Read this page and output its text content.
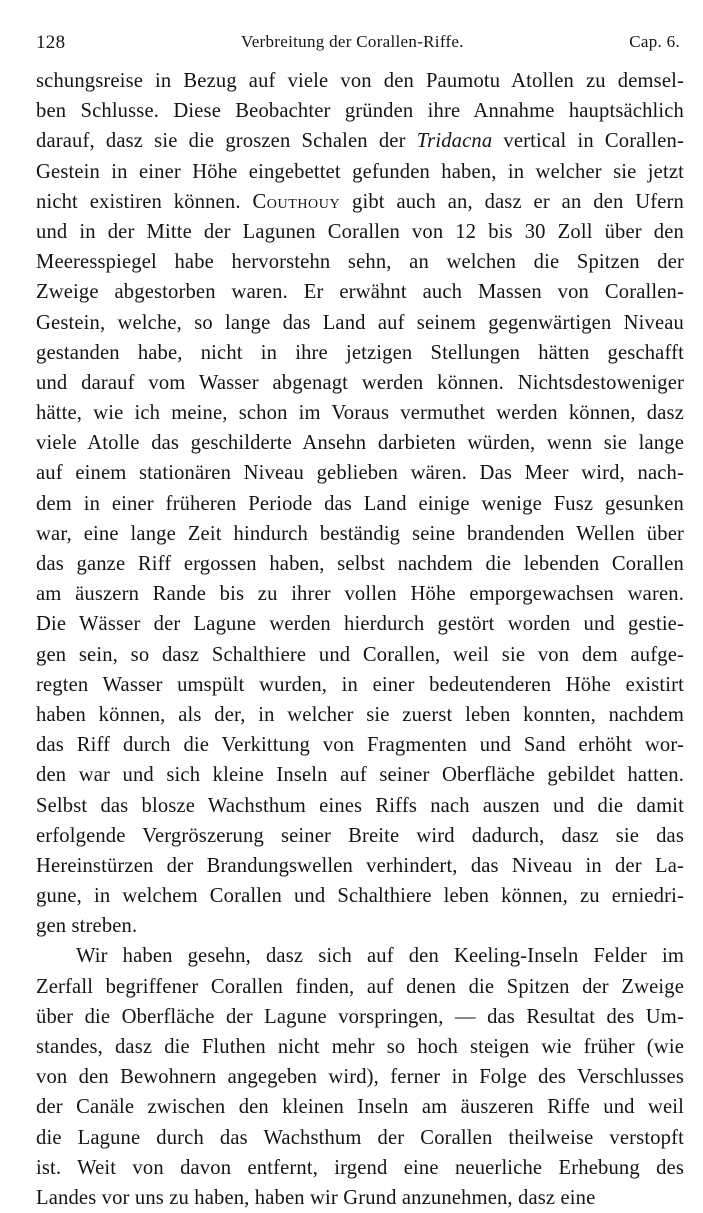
128	Verbreitung der Corallen-Riffe.	Cap. 6.
schungsreise in Bezug auf viele von den Paumotu Atollen zu demsel-
ben Schlusse. Diese Beobachter gründen ihre Annahme hauptsächlich
darauf, dasz sie die groszen Schalen der Tridacna vertical in Corallen-
Gestein in einer Höhe eingebettet gefunden haben, in welcher sie jetzt
nicht existiren können. Couthouy gibt auch an, dasz er an den Ufern
und in der Mitte der Lagunen Corallen von 12 bis 30 Zoll über den
Meeresspiegel habe hervorstehn sehn, an welchen die Spitzen der
Zweige abgestorben waren. Er erwähnt auch Massen von Corallen-
Gestein, welche, so lange das Land auf seinem gegenwärtigen Niveau
gestanden habe, nicht in ihre jetzigen Stellungen hätten geschafft
und darauf vom Wasser abgenagt werden können. Nichtsdestoweniger
hätte, wie ich meine, schon im Voraus vermuthet werden können, dasz
viele Atolle das geschilderte Ansehn darbieten würden, wenn sie lange
auf einem stationären Niveau geblieben wären. Das Meer wird, nach-
dem in einer früheren Periode das Land einige wenige Fusz gesunken
war, eine lange Zeit hindurch beständig seine brandenden Wellen über
das ganze Riff ergossen haben, selbst nachdem die lebenden Corallen
am äuszern Rande bis zu ihrer vollen Höhe emporgewachsen waren.
Die Wässer der Lagune werden hierdurch gestört worden und gestie-
gen sein, so dasz Schalthiere und Corallen, weil sie von dem aufge-
regten Wasser umspült wurden, in einer bedeutenderen Höhe existirt
haben können, als der, in welcher sie zuerst leben konnten, nachdem
das Riff durch die Verkittung von Fragmenten und Sand erhöht wor-
den war und sich kleine Inseln auf seiner Oberfläche gebildet hatten.
Selbst das blosze Wachsthum eines Riffs nach auszen und die damit
erfolgende Vergröszerung seiner Breite wird dadurch, dasz sie das
Hereinstürzen der Brandungswellen verhindert, das Niveau in der La-
gune, in welchem Corallen und Schalthiere leben können, zu erniedri-
gen streben.
Wir haben gesehn, dasz sich auf den Keeling-Inseln Felder im
Zerfall begriffener Corallen finden, auf denen die Spitzen der Zweige
über die Oberfläche der Lagune vorspringen, — das Resultat des Um-
standes, dasz die Fluthen nicht mehr so hoch steigen wie früher (wie
von den Bewohnern angegeben wird), ferner in Folge des Verschlusses
der Canäle zwischen den kleinen Inseln am äuszeren Riffe und weil
die Lagune durch das Wachsthum der Corallen theilweise verstopft
ist. Weit von davon entfernt, irgend eine neuerliche Erhebung des
Landes vor uns zu haben, haben wir Grund anzunehmen, dasz eine
